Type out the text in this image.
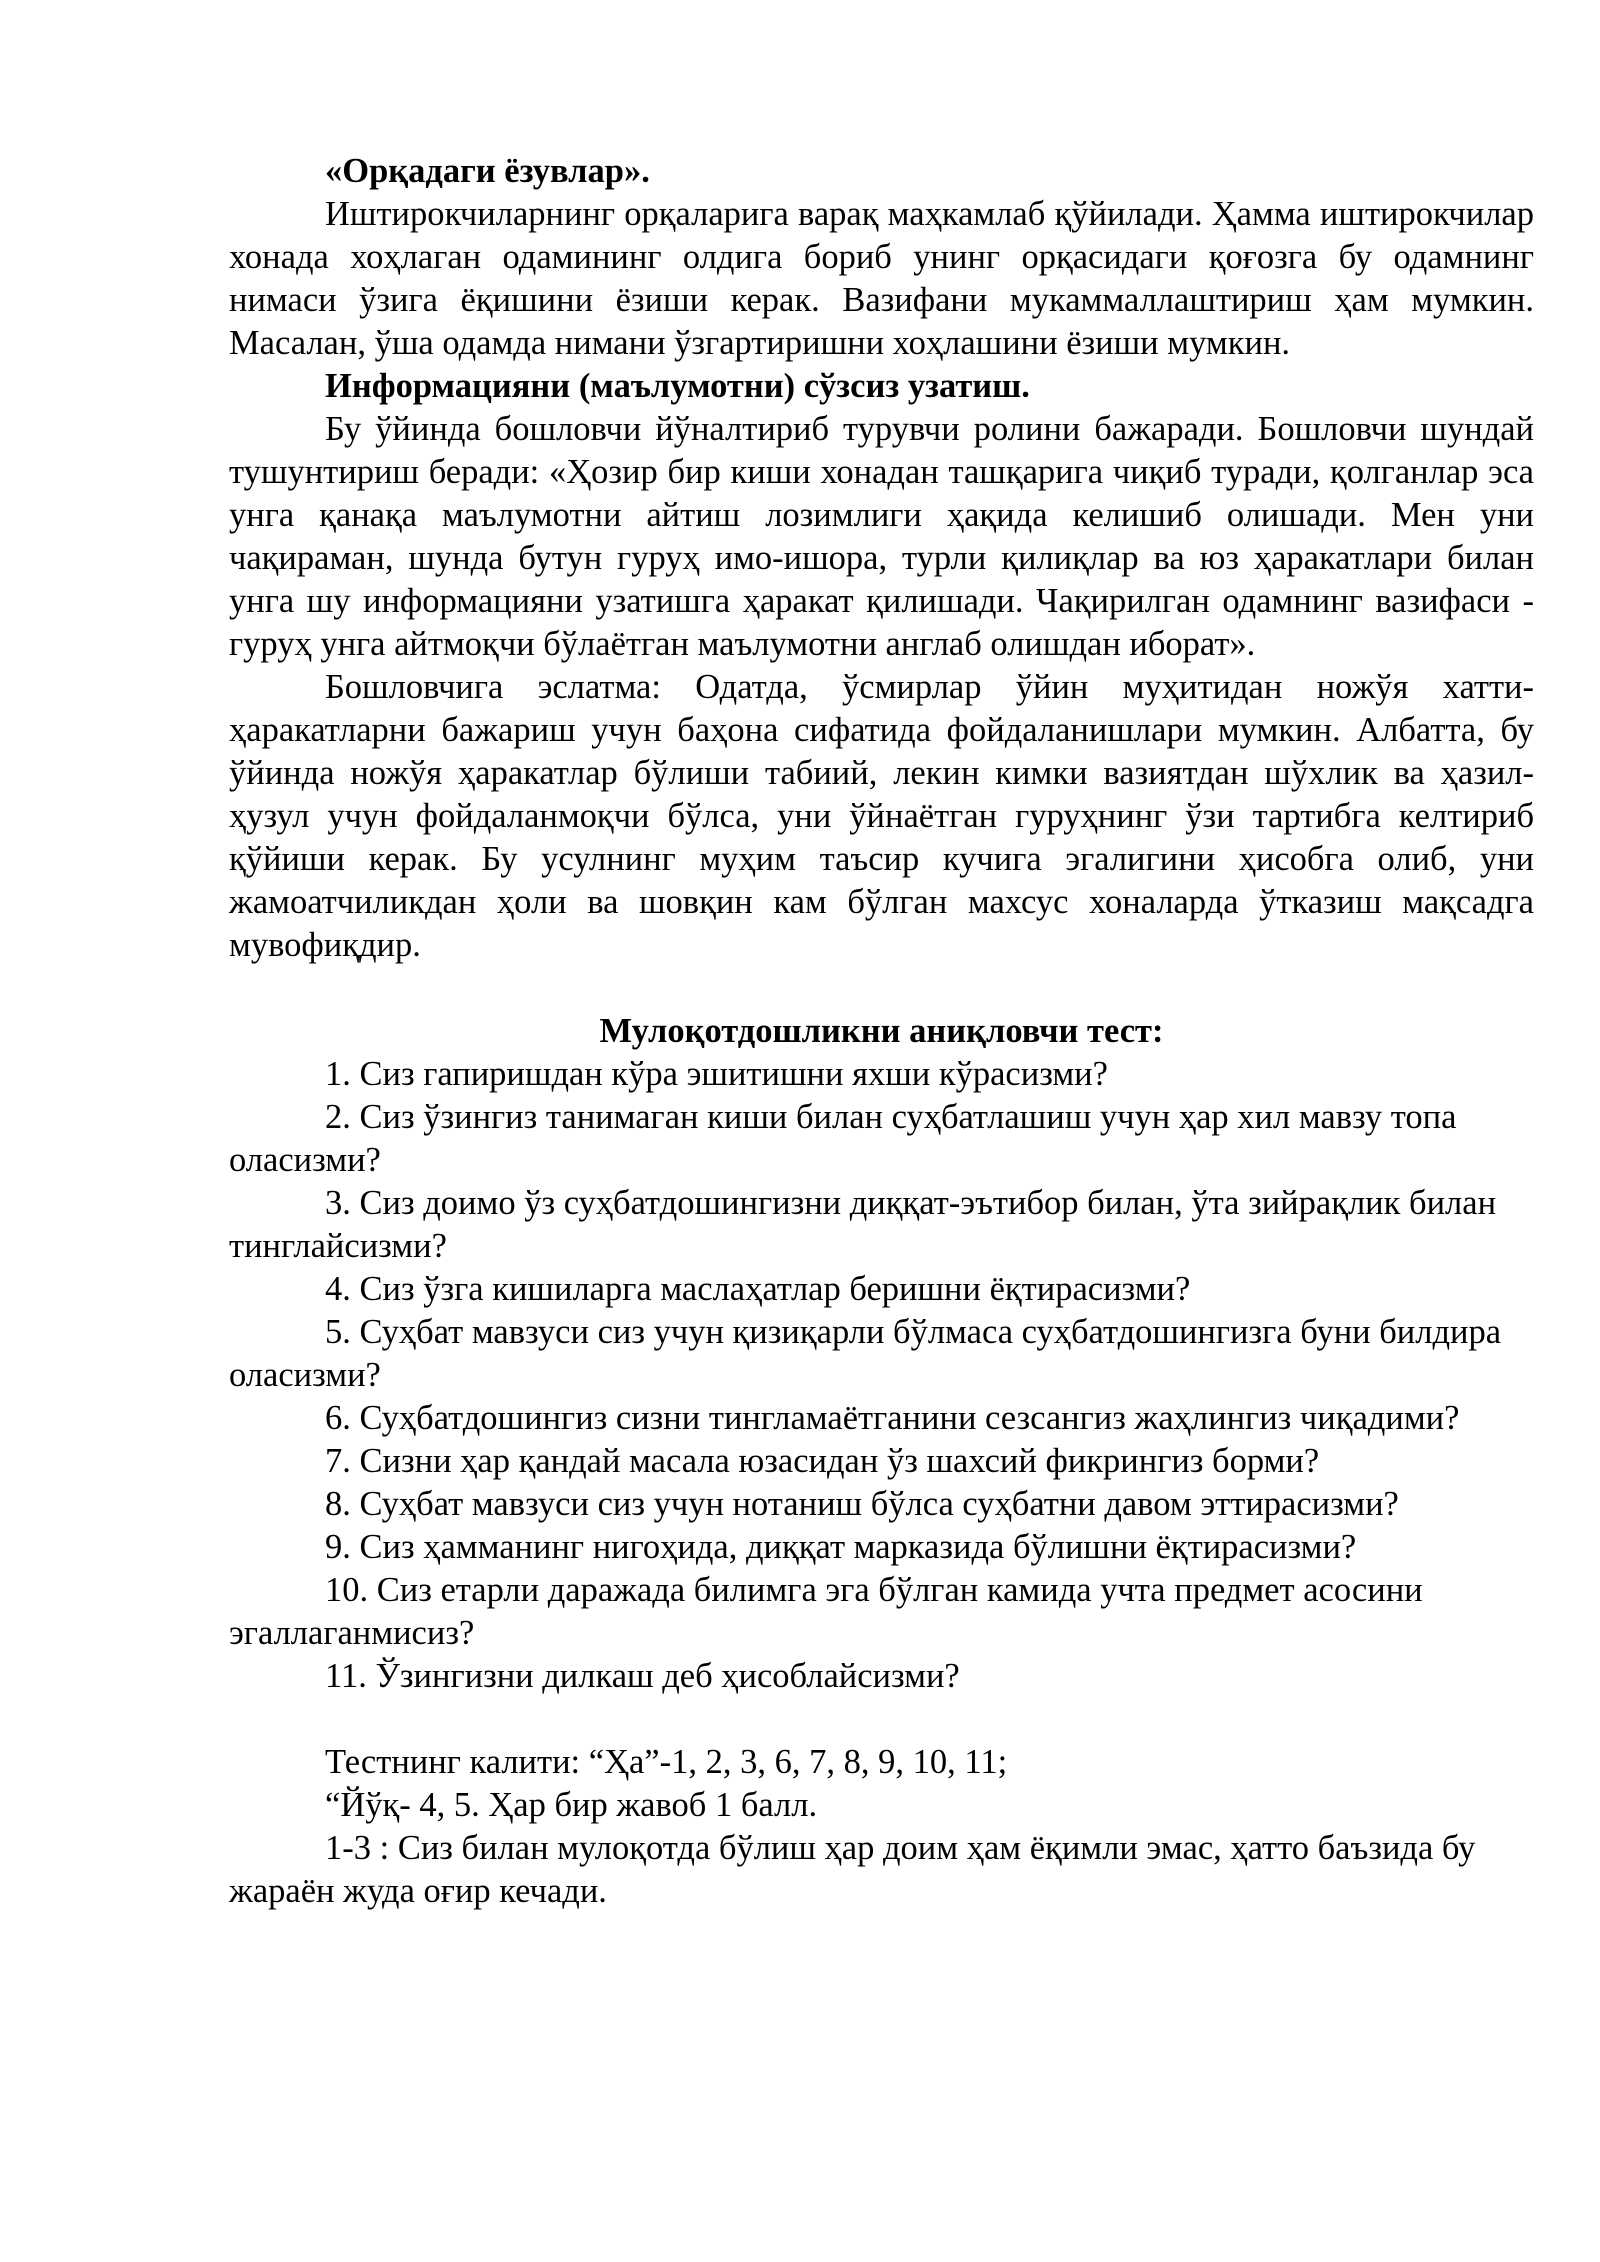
«Орқадаги ёзувлар».

Иштирокчиларнинг орқаларига варақ маҳкамлаб қўйилади. Ҳамма иштирокчилар хонада хоҳлаган одамининг олдига бориб унинг орқасидаги қоғозга бу одамнинг нимаси ўзига ёқишини ёзиши керак. Вазифани мукаммаллаштириш ҳам мумкин. Масалан, ўша одамда нимани ўзгартиришни хоҳлашини ёзиши мумкин.

Информацияни (маълумотни) сўзсиз узатиш.

Бу ўйинда бошловчи йўналтириб турувчи ролини бажаради. Бошловчи шундай тушунтириш беради: «Ҳозир бир киши хонадан ташқарига чиқиб туради, қолганлар эса унга қанақа маълумотни айтиш лозимлиги ҳақида келишиб олишади. Мен уни чақираман, шунда бутун гуруҳ имо-ишора, турли қилиқлар ва юз ҳаракатлари билан унга шу информацияни узатишга ҳаракат қилишади. Чақирилган одамнинг вазифаси - гуруҳ унга айтмоқчи бўлаётган маълумотни англаб олишдан иборат».

Бошловчига эслатма: Одатда, ўсмирлар ўйин муҳитидан ножўя хатти-ҳаракатларни бажариш учун баҳона сифатида фойдаланишлари мумкин. Албатта, бу ўйинда ножўя ҳаракатлар бўлиши табиий, лекин кимки вазиятдан шўхлик ва ҳазил-ҳузул учун фойдаланмоқчи бўлса, уни ўйнаётган гуруҳнинг ўзи тартибга келтириб қўйиши керак. Бу усулнинг муҳим таъсир кучига эгалигини ҳисобга олиб, уни жамоатчиликдан ҳоли ва шовқин кам бўлган махсус хоналарда ўтказиш мақсадга мувофиқдир.

Мулоқотдошликни аниқловчи тест:

1. Сиз гапиришдан кўра эшитишни яхши кўрасизми?

2. Сиз ўзингиз танимаган киши билан суҳбатлашиш учун ҳар хил мавзу топа оласизми?

3. Сиз доимо ўз суҳбатдошингизни диққат-эътибор билан, ўта зийрақлик билан тинглайсизми?

4. Сиз ўзга кишиларга маслаҳатлар беришни ёқтирасизми?

5. Суҳбат мавзуси сиз учун қизиқарли бўлмаса суҳбатдошингизга буни билдира оласизми?

6. Суҳбатдошингиз сизни тингламаётганини сезсангиз жаҳлингиз чиқадими?

7. Сизни ҳар қандай масала юзасидан ўз шахсий фикрингиз борми?

8. Суҳбат мавзуси сиз учун нотаниш бўлса суҳбатни давом эттирасизми?

9. Сиз ҳамманинг нигоҳида, диққат марказида бўлишни ёқтирасизми?

10. Сиз етарли даражада билимга эга бўлган камида учта предмет асосини эгаллаганмисиз?

11. Ўзингизни дилкаш деб ҳисоблайсизми?

Тестнинг калити: “Ҳа”-1, 2, 3, 6, 7, 8, 9, 10, 11;

“Йўқ- 4, 5. Ҳар бир жавоб 1 балл.

1-3 : Сиз билан мулоқотда бўлиш ҳар доим ҳам ёқимли эмас, ҳатто баъзида бу жараён жуда оғир кечади.
